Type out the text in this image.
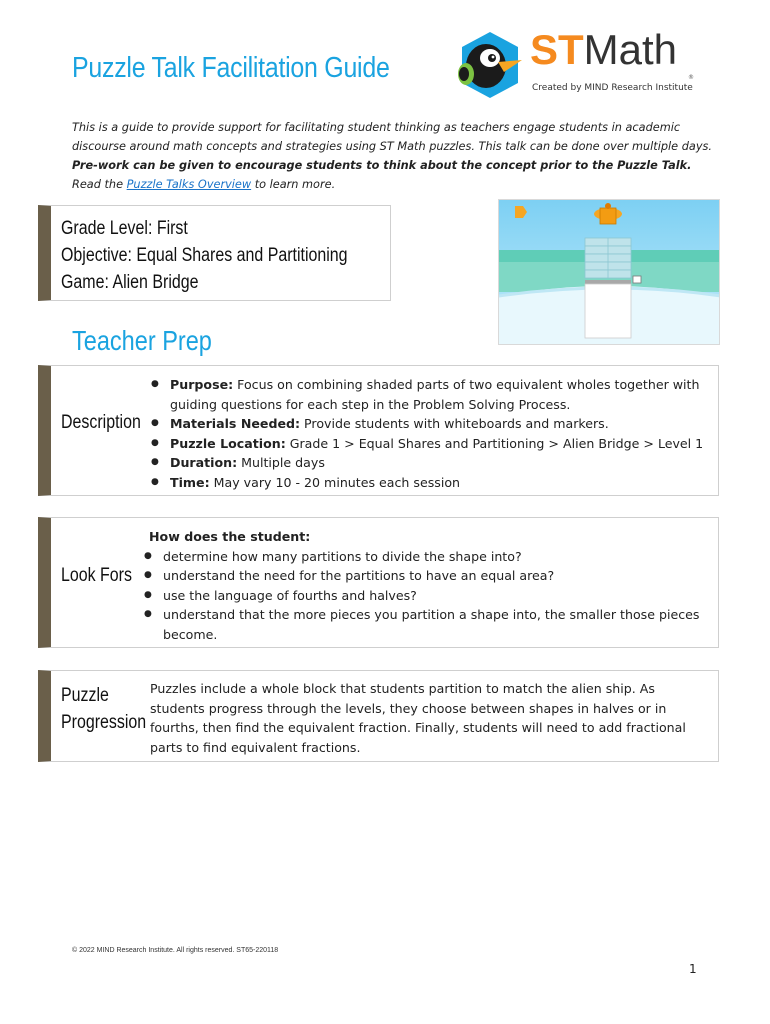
Puzzle Talk Facilitation Guide	STMath
®
Created by MIND Research Institute
This is a guide to provide support for facilitating student thinking as teachers engage students in academic discourse around math concepts and strategies using ST Math puzzles. This talk can be done over multiple days. Pre-work can be given to encourage students to think about the concept prior to the Puzzle Talk. Read the Puzzle Talks Overview to learn more.
Grade Level: First
Objective: Equal Shares and Partitioning
Game: Alien Bridge
Teacher Prep
Description
● Purpose: Focus on combining shaded parts of two equivalent wholes together with guiding questions for each step in the Problem Solving Process.
● Materials Needed: Provide students with whiteboards and markers.
● Puzzle Location: Grade 1 > Equal Shares and Partitioning > Alien Bridge > Level 1
● Duration: Multiple days
● Time: May vary 10 - 20 minutes each session
Look Fors
How does the student:
● determine how many partitions to divide the shape into?
● understand the need for the partitions to have an equal area?
● use the language of fourths and halves?
● understand that the more pieces you partition a shape into, the smaller those pieces become.
Puzzle
Progression
Puzzles include a whole block that students partition to match the alien ship. As students progress through the levels, they choose between shapes in halves or in fourths, then find the equivalent fraction. Finally, students will need to add fractional parts to find equivalent fractions.
© 2022 MIND Research Institute. All rights reserved. ST65-220118
1
